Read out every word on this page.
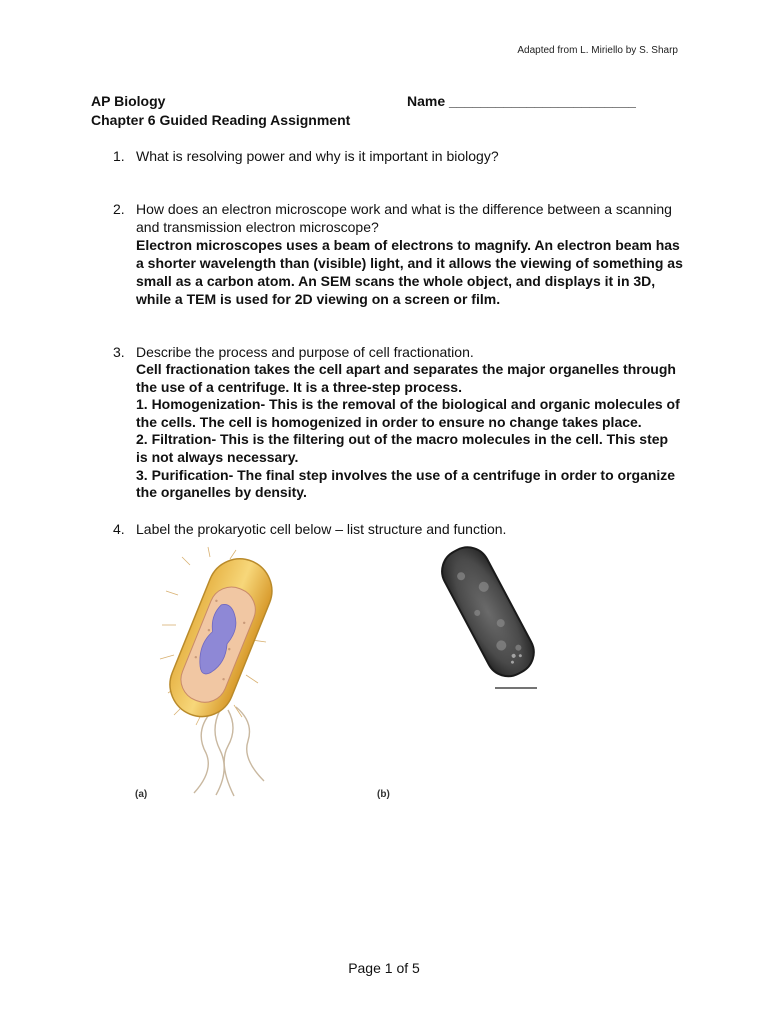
Adapted from L. Miriello by S. Sharp
AP Biology	Name ________________________
Chapter 6 Guided Reading Assignment
1. What is resolving power and why is it important in biology?
2. How does an electron microscope work and what is the difference between a scanning and transmission electron microscope?
Electron microscopes uses a beam of electrons to magnify. An electron beam has a shorter wavelength than (visible) light, and it allows the viewing of something as small as a carbon atom. An SEM scans the whole object, and displays it in 3D, while a TEM is used for 2D viewing on a screen or film.
3. Describe the process and purpose of cell fractionation.
Cell fractionation takes the cell apart and separates the major organelles through the use of a centrifuge. It is a three-step process.
1. Homogenization- This is the removal of the biological and organic molecules of the cells. The cell is homogenized in order to ensure no change takes place.
2. Filtration- This is the filtering out of the macro molecules in the cell. This step is not always necessary.
3. Purification- The final step involves the use of a centrifuge in order to organize the organelles by density.
4. Label the prokaryotic cell below – list structure and function.
(a)	(b)
Page 1 of 5
